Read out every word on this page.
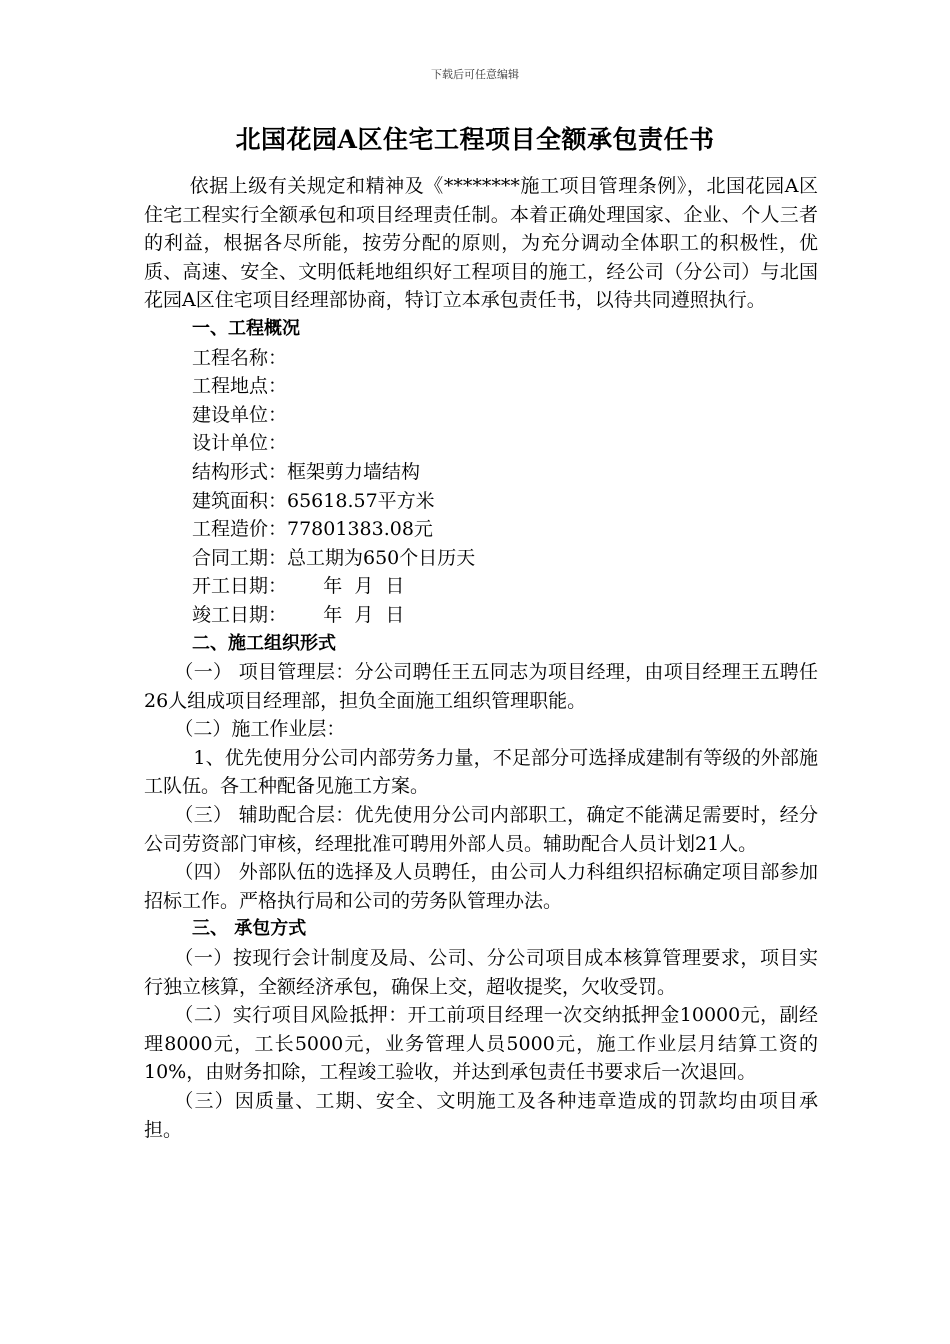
下载后可任意编辑
北国花园A区住宅工程项目全额承包责任书

依据上级有关规定和精神及《********施工项目管理条例》，北国花园A区住宅工程实行全额承包和项目经理责任制。本着正确处理国家、企业、个人三者的利益，根据各尽所能，按劳分配的原则，为充分调动全体职工的积极性，优质、高速、安全、文明低耗地组织好工程项目的施工，经公司（分公司）与北国花园A区住宅项目经理部协商，特订立本承包责任书，以待共同遵照执行。

一、工程概况

工程名称：

工程地点：

建设单位：

设计单位：

结构形式：框架剪力墙结构

建筑面积：65618.57平方米

工程造价：77801383.08元

合同工期：总工期为650个日历天

开工日期：      年  月  日

竣工日期：      年  月  日

二、施工组织形式

（一） 项目管理层：分公司聘任王五同志为项目经理，由项目经理王五聘任26人组成项目经理部，担负全面施工组织管理职能。

（二）施工作业层：

1、优先使用分公司内部劳务力量，不足部分可选择成建制有等级的外部施工队伍。各工种配备见施工方案。

（三） 辅助配合层：优先使用分公司内部职工，确定不能满足需要时，经分公司劳资部门审核，经理批准可聘用外部人员。辅助配合人员计划21人。

（四） 外部队伍的选择及人员聘任，由公司人力科组织招标确定项目部参加招标工作。严格执行局和公司的劳务队管理办法。

三、 承包方式

（一）按现行会计制度及局、公司、分公司项目成本核算管理要求，项目实行独立核算，全额经济承包，确保上交，超收提奖，欠收受罚。

（二）实行项目风险抵押：开工前项目经理一次交纳抵押金10000元，副经理8000元，工长5000元，业务管理人员5000元，施工作业层月结算工资的10%，由财务扣除，工程竣工验收，并达到承包责任书要求后一次退回。

（三）因质量、工期、安全、文明施工及各种违章造成的罚款均由项目承担。
